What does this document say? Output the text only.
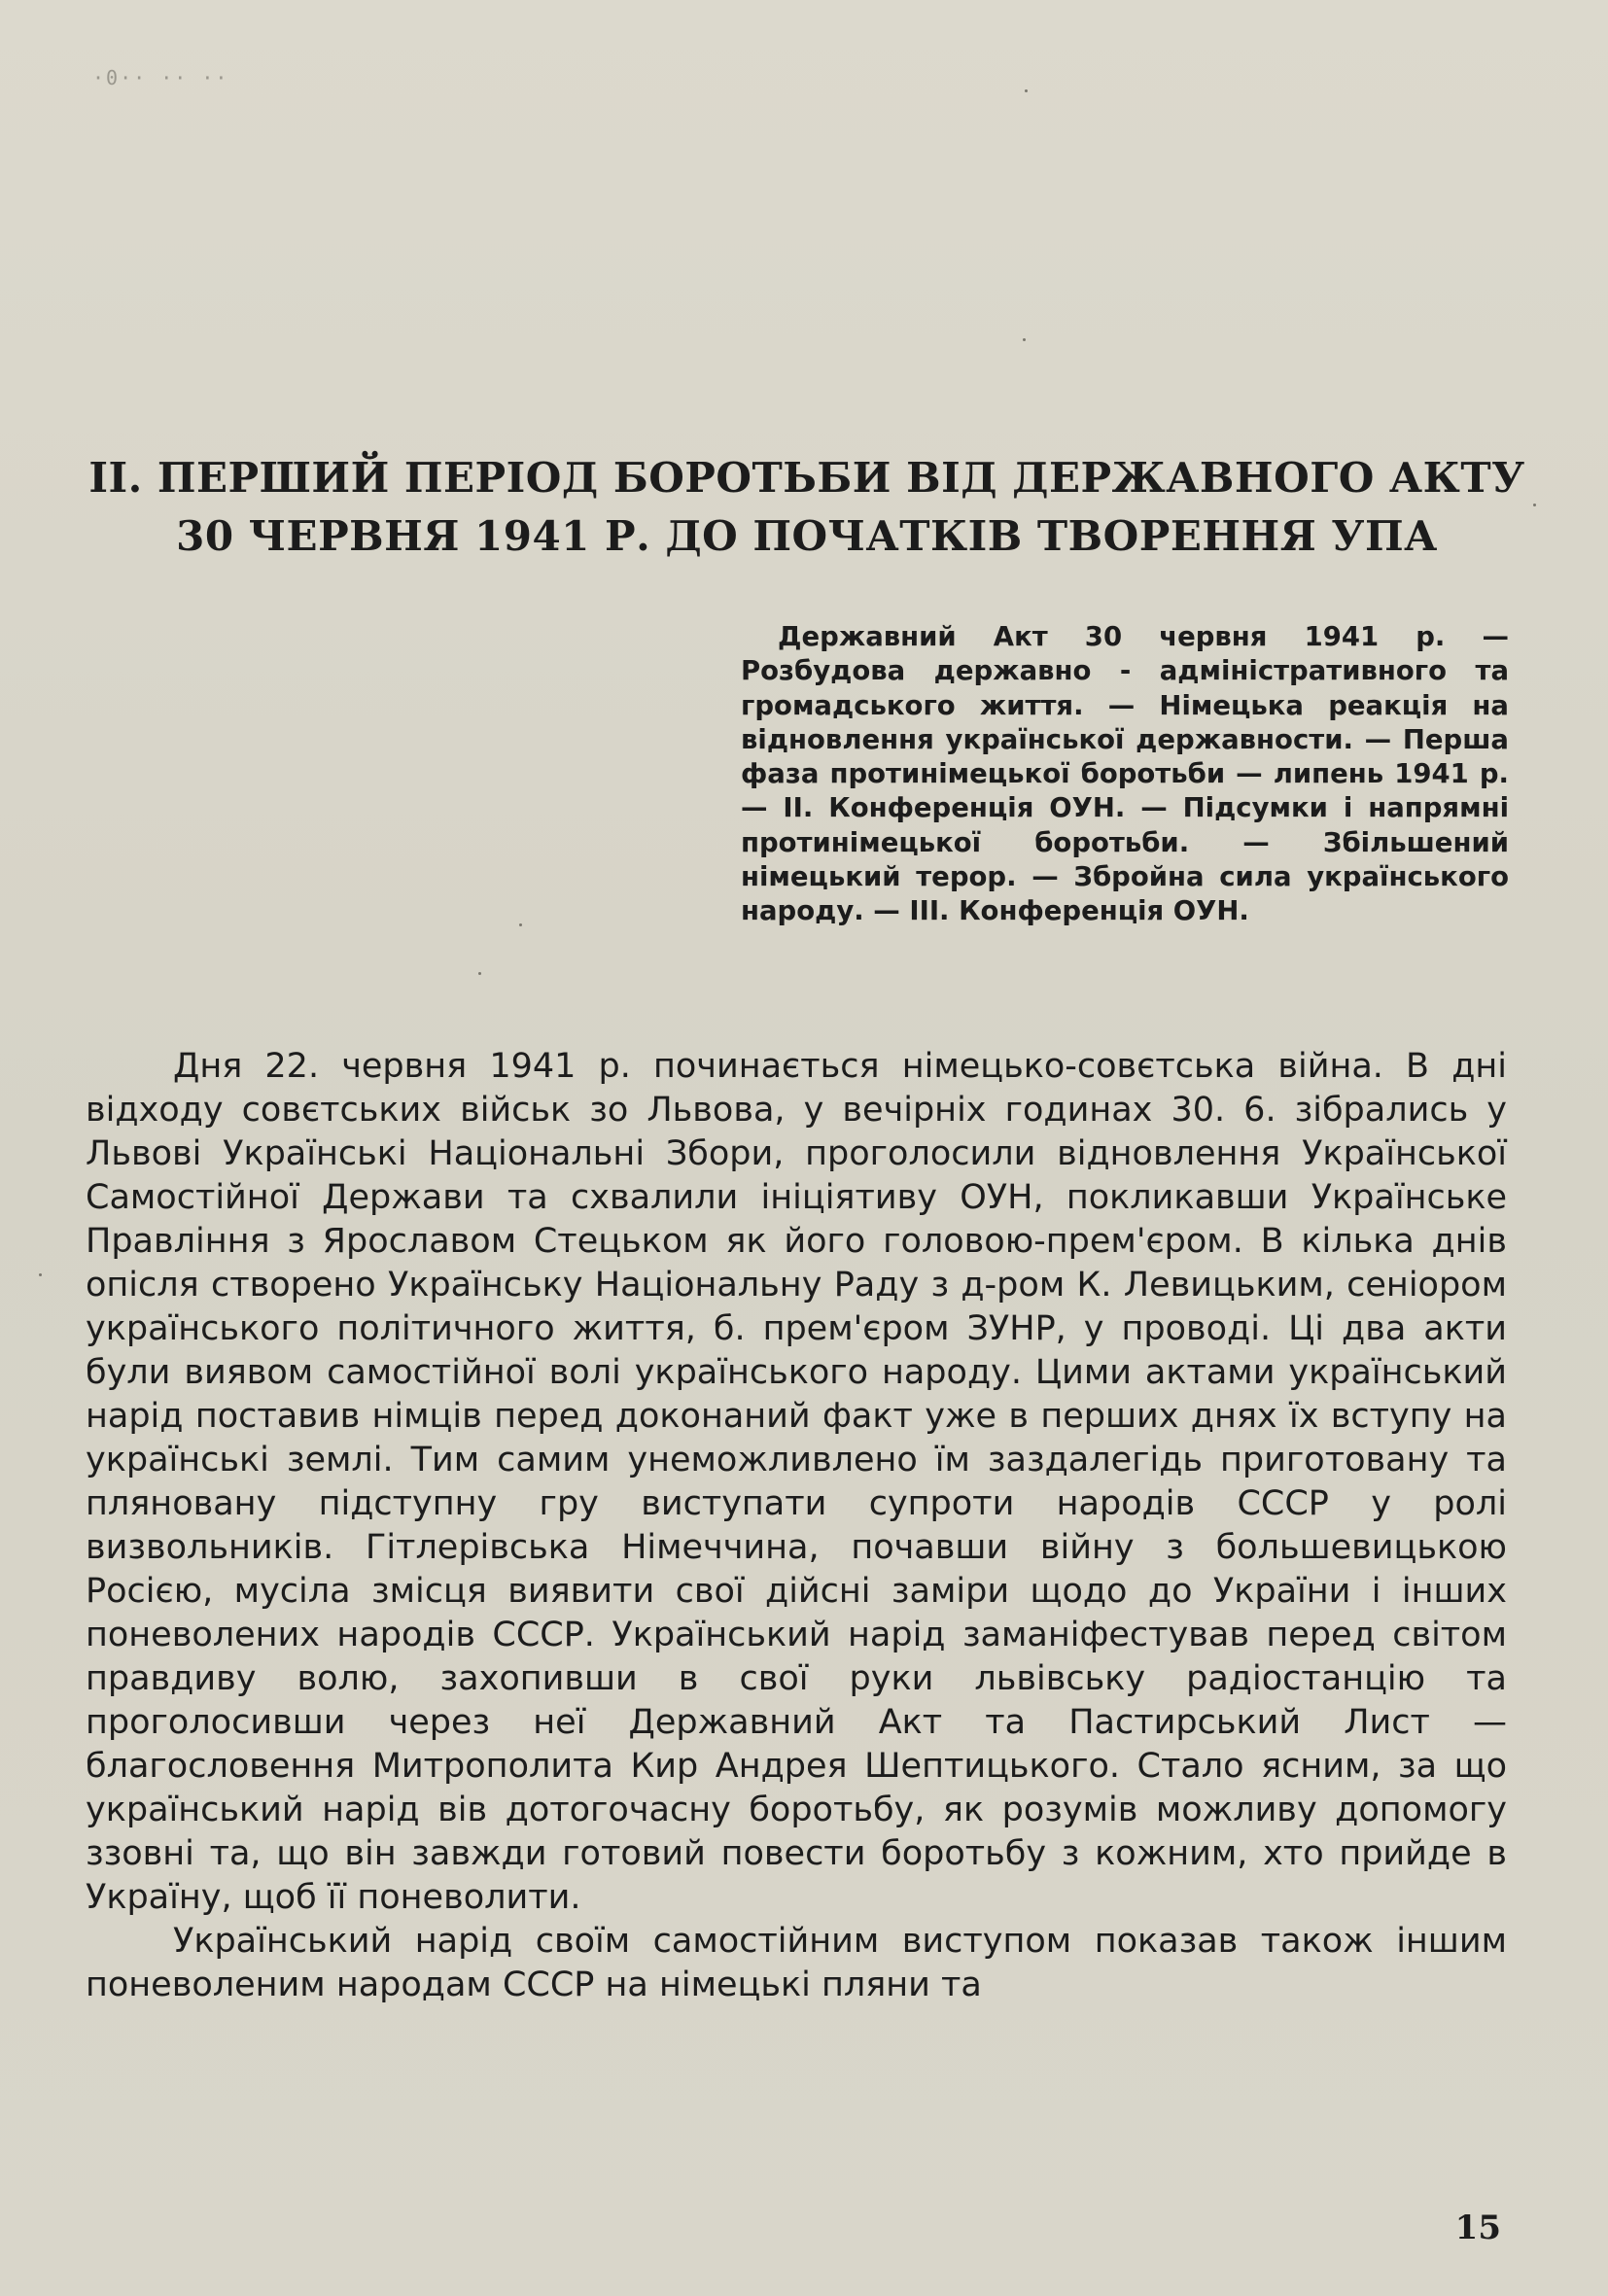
·0·· ·· ··
II. ПЕРШИЙ ПЕРІОД БОРОТЬБИ ВІД ДЕРЖАВНОГО АКТУ
30 ЧЕРВНЯ 1941 Р. ДО ПОЧАТКІВ ТВОРЕННЯ УПА

Державний Акт 30 червня 1941 р. — Розбудова державно - адміністративного та громадського життя. — Німецька реакція на відновлення української державности. — Перша фаза протинімецької боротьби — липень 1941 р. — II. Конференція ОУН. — Підсумки і напрямні протинімецької боротьби. — Збільшений німецький терор. — Збройна сила українського народу. — III. Конференція ОУН.

Дня 22. червня 1941 р. починається німецько-совєтська війна. В дні відходу совєтських військ зо Львова, у вечірніх годинах 30. 6. зібрались у Львові Українські Національні Збори, проголосили відновлення Української Самостійної Держави та схвалили ініціятиву ОУН, покликавши Українське Правління з Ярославом Стецьком як його головою-прем'єром. В кілька днів опісля створено Українську Національну Раду з д-ром К. Левицьким, сеніором українського політичного життя, б. прем'єром ЗУНР, у проводі. Ці два акти були виявом самостійної волі українського народу. Цими актами український нарід поставив німців перед доконаний факт уже в перших днях їх вступу на українські землі. Тим самим унеможливлено їм заздалегідь приготовану та пляновану підступну гру виступати супроти народів СССР у ролі визвольників. Гітлерівська Німеччина, почавши війну з большевицькою Росією, мусіла змісця виявити свої дійсні заміри щодо до України і інших поневолених народів СССР. Український нарід заманіфестував перед світом правдиву волю, захопивши в свої руки львівську радіостанцію та проголосивши через неї Державний Акт та Пастирський Лист — благословення Митрополита Кир Андрея Шептицького. Стало ясним, за що український нарід вів дотогочасну боротьбу, як розумів можливу допомогу ззовні та, що він завжди готовий повести боротьбу з кожним, хто прийде в Україну, щоб її поневолити.

Український нарід своїм самостійним виступом показав також іншим поневоленим народам СССР на німецькі пляни та

15
